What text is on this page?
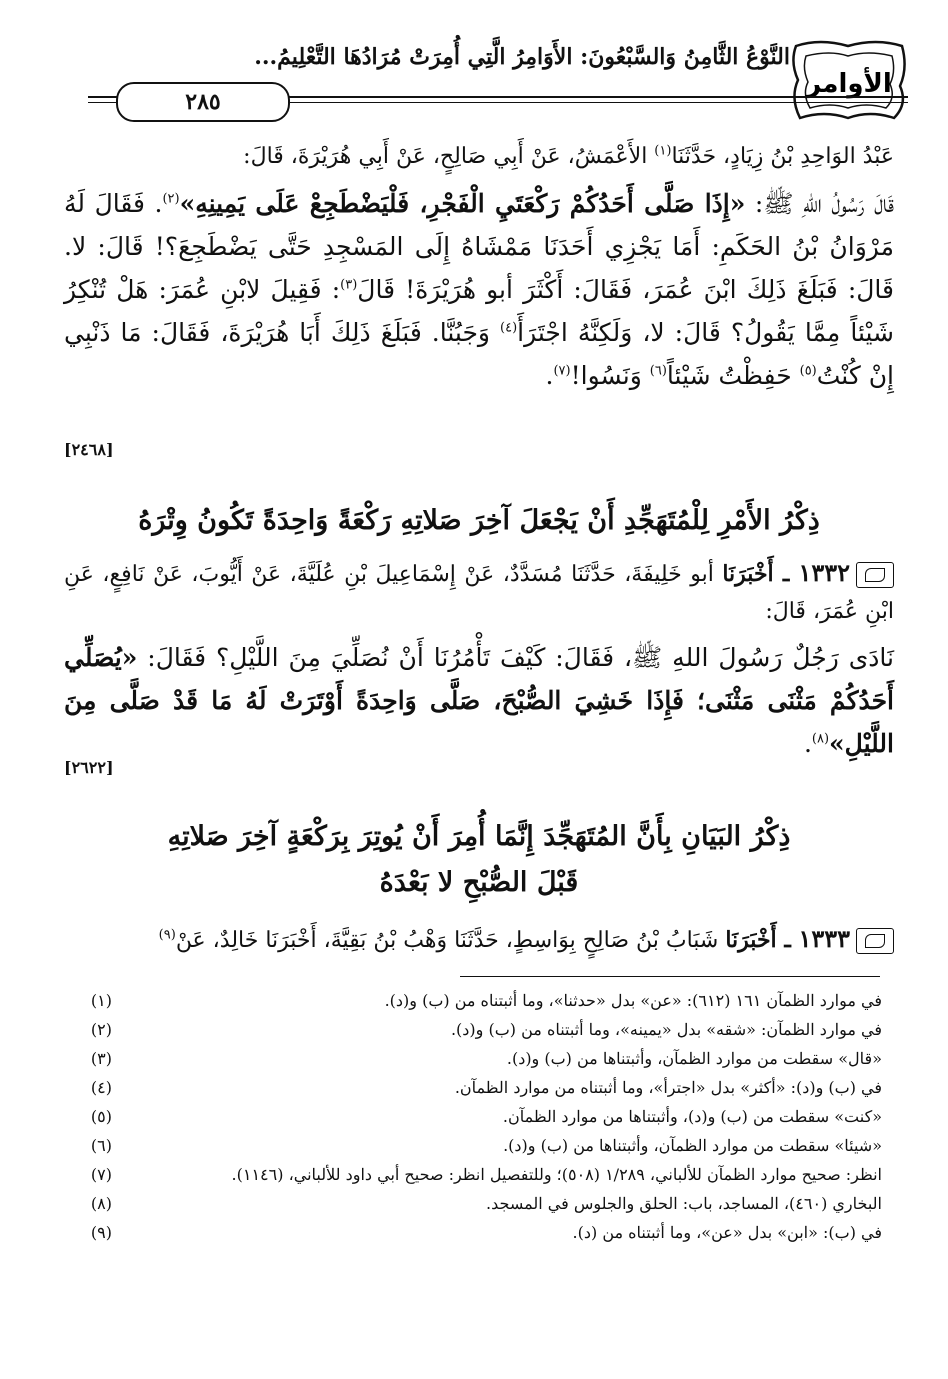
الأوامر
النَّوْعُ الثَّامِنُ وَالسَّبْعُونَ: الأَوَامِرُ الَّتِي أُمِرَتْ مُرَادُهَا التَّعْلِيمُ...
٢٨٥

عَبْدُ الوَاحِدِ بْنُ زِيَادٍ، حَدَّثَنَا$^{(١)}$ الأَعْمَشُ، عَنْ أَبِي صَالِحٍ، عَنْ أَبِي هُرَيْرَةَ، قَالَ:

قَالَ رَسُولُ اللهِ ﷺ: «إِذَا صَلَّى أَحَدُكُمْ رَكْعَتَيِ الْفَجْرِ، فَلْيَضْطَجِعْ عَلَى يَمِينِهِ»$^{(٢)}$. فَقَالَ لَهُ مَرْوَانُ بْنُ الحَكَمِ: أَمَا يَجْزِي أَحَدَنَا مَمْشَاهُ إِلَى المَسْجِدِ حَتَّى يَضْطَجِعَ؟! قَالَ: لا. قَالَ: فَبَلَغَ ذَلِكَ ابْنَ عُمَرَ، فَقَالَ: أَكْثَرَ أبو هُرَيْرَةَ! قَالَ$^{(٣)}$: فَقِيلَ لابْنِ عُمَرَ: هَلْ تُنْكِرُ شَيْئاً مِمَّا يَقُولُ؟ قَالَ: لا، وَلَكِنَّهُ اجْتَرَأَ$^{(٤)}$ وَجَبُنَّا. فَبَلَغَ ذَلِكَ أَبَا هُرَيْرَةَ، فَقَالَ: مَا ذَنْبِي إِنْ كُنْتُ$^{(٥)}$ حَفِظْتُ شَيْئاً$^{(٦)}$ وَنَسُوا!$^{(٧)}$.

[٢٤٦٨]
ذِكْرُ الأَمْرِ لِلْمُتَهَجِّدِ أَنْ يَجْعَلَ آخِرَ صَلاتِهِ رَكْعَةً وَاحِدَةً تَكُونُ وِتْرَهُ

١٣٣٢ ـ أَخْبَرَنَا أبو خَلِيفَةَ، حَدَّثَنَا مُسَدَّدٌ، عَنْ إِسْمَاعِيلَ بْنِ عُلَيَّةَ، عَنْ أَيُّوبَ، عَنْ نَافِعٍ، عَنِ ابْنِ عُمَرَ، قَالَ:

نَادَى رَجُلٌ رَسُولَ اللهِ ﷺ، فَقَالَ: كَيْفَ تَأْمُرُنَا أَنْ نُصَلِّيَ مِنَ اللَّيْلِ؟ فَقَالَ: «يُصَلِّي أَحَدُكُمْ مَثْنَى مَثْنَى؛ فَإِذَا خَشِيَ الصُّبْحَ، صَلَّى وَاحِدَةً أَوْتَرَتْ لَهُ مَا قَدْ صَلَّى مِنَ اللَّيْلِ»$^{(٨)}$.

[٢٦٢٢]
ذِكْرُ البَيَانِ بِأَنَّ المُتَهَجِّدَ إِنَّمَا أُمِرَ أَنْ يُوتِرَ بِرَكْعَةٍ آخِرَ صَلاتِهِ
قَبْلَ الصُّبْحِ لا بَعْدَهُ

١٣٣٣ ـ أَخْبَرَنَا شَبَابُ بْنُ صَالِحٍ بِوَاسِطٍ، حَدَّثَنَا وَهْبُ بْنُ بَقِيَّةَ، أَخْبَرَنَا خَالِدٌ، عَنْ$^{(٩)}$

(١)	في موارد الظمآن ١٦١ (٦١٢): «عن» بدل «حدثنا»، وما أثبتناه من (ب) و(د).
(٢)	في موارد الظمآن: «شقه» بدل «يمينه»، وما أثبتناه من (ب) و(د).
(٣)	«قال» سقطت من موارد الظمآن، وأثبتناها من (ب) و(د).
(٤)	في (ب) و(د): «أكثر» بدل «اجترأ»، وما أثبتناه من موارد الظمآن.
(٥)	«كنت» سقطت من (ب) و(د)، وأثبتناها من موارد الظمآن.
(٦)	«شيئا» سقطت من موارد الظمآن، وأثبتناها من (ب) و(د).
(٧)	انظر: صحيح موارد الظمآن للألباني، ١/٢٨٩ (٥٠٨)؛ وللتفصيل انظر: صحيح أبي داود للألباني، (١١٤٦).
(٨)	البخاري (٤٦٠)، المساجد، باب: الحلق والجلوس في المسجد.
(٩)	في (ب): «ابن» بدل «عن»، وما أثبتناه من (د).
